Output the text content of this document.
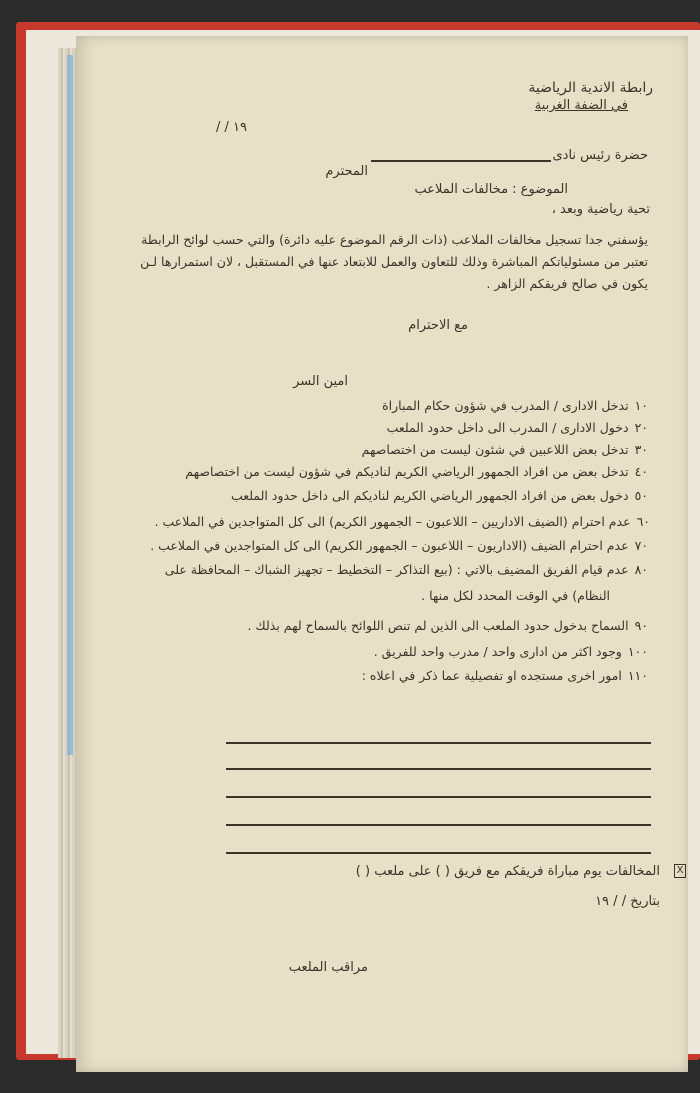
رابطة الاندية الرياضية
في الضفة الغربية
١٩ / /
حضرة رئيس نادى
المحترم
الموضوع : مخالفات الملاعب
تحية رياضية وبعد ،
يؤسفني جدا تسجيل مخالفات الملاعب (ذات الرقم الموضوع عليه دائرة) والتي حسب لوائح الرابطة
تعتبر من مسئولياتكم المباشرة وذلك للتعاون والعمل للابتعاد عنها في المستقبل ، لان استمرارها لـن
يكون في صالح فريقكم الزاهر .
مع الاحترام
امين السر
١٠تدخل الادارى / المدرب في شؤون حكام المباراة
٢٠دخول الادارى / المدرب الى داخل حدود الملعب
٣٠تدخل بعض اللاعبين في شئون ليست من اختصاصهم
٤٠تدخل بعض من افراد الجمهور الرياضي الكريم لناديكم في شؤون ليست من اختصاصهم
٥٠دخول بعض من افراد الجمهور الرياضي الكريم لناديكم الى داخل حدود الملعب
٦٠عدم احترام (الضيف الاداريين – اللاعبون – الجمهور الكريم) الى كل المتواجدين في الملاعب .
٧٠عدم احترام الضيف (الاداريون – اللاعبون – الجمهور الكريم) الى كل المتواجدين في الملاعب .
٨٠عدم قيام الفريق المضيف بالاتي : (بيع التذاكر – التخطيط – تجهيز الشباك – المحافظة على
النظام) في الوقت المحدد لكل منها .
٩٠السماح بدخول حدود الملعب الى الذين لم تنص اللوائح بالسماح لهم بذلك .
١٠٠وجود اكثر من ادارى واحد / مدرب واحد للفريق .
١١٠امور اخرى مستجده او تفصيلية عما ذكر في اعلاه :
X
المخالفات يوم مباراة فريقكم مع فريق ( ) على ملعب ( )
بتاريخ / / ١٩
مراقب الملعب
